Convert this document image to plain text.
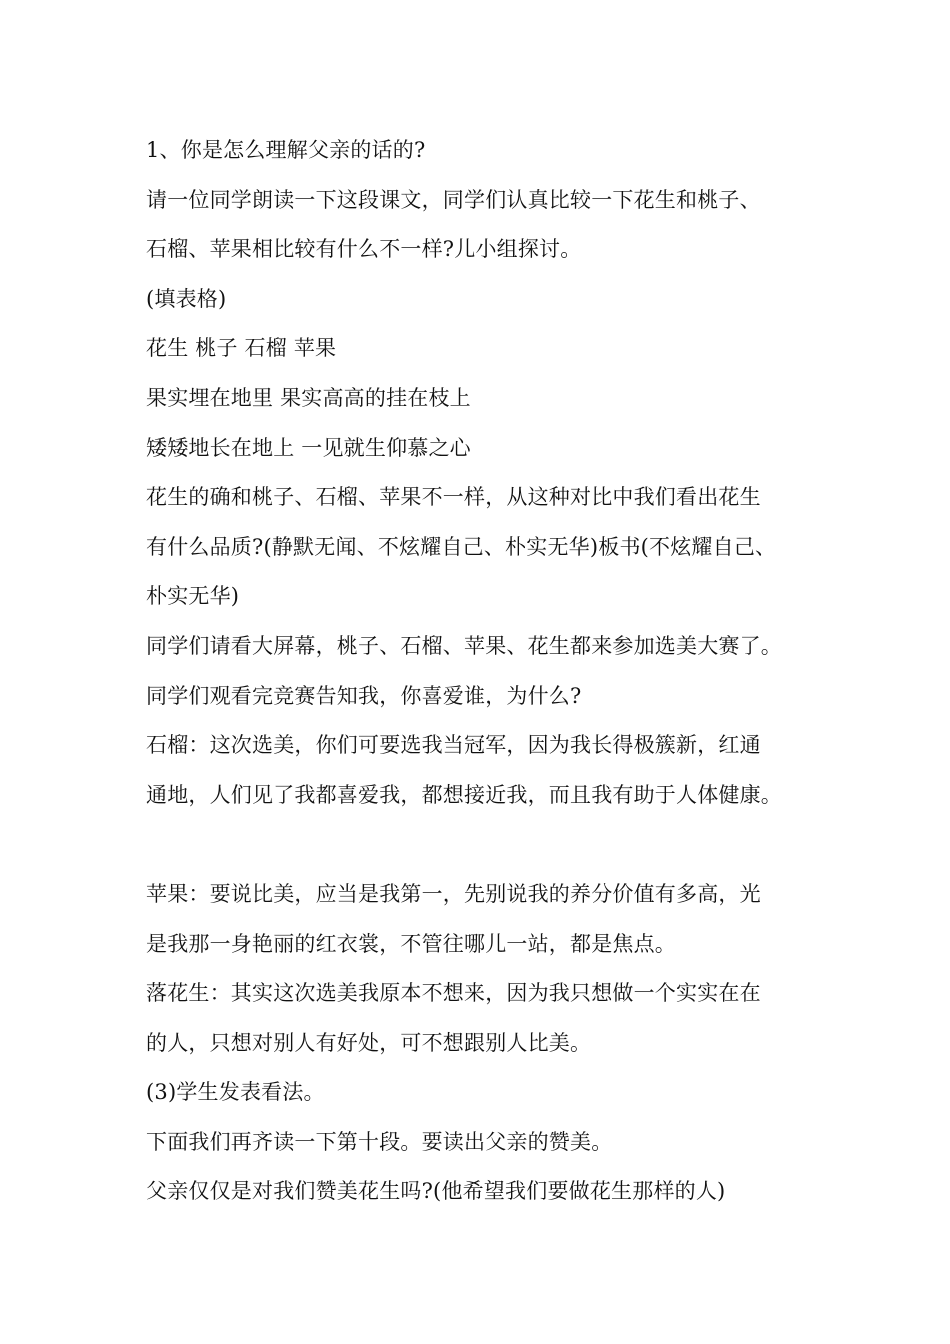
1、你是怎么理解父亲的话的?
请一位同学朗读一下这段课文，同学们认真比较一下花生和桃子、
石榴、苹果相比较有什么不一样?儿小组探讨。
(填表格)
花生 桃子 石榴 苹果
果实埋在地里 果实高高的挂在枝上
矮矮地长在地上 一见就生仰慕之心
花生的确和桃子、石榴、苹果不一样，从这种对比中我们看出花生
有什么品质?(静默无闻、不炫耀自己、朴实无华)板书(不炫耀自己、
朴实无华)
同学们请看大屏幕，桃子、石榴、苹果、花生都来参加选美大赛了。
同学们观看完竞赛告知我，你喜爱谁，为什么?
石榴：这次选美，你们可要选我当冠军，因为我长得极簇新，红通
通地，人们见了我都喜爱我，都想接近我，而且我有助于人体健康。
苹果：要说比美，应当是我第一，先别说我的养分价值有多高，光
是我那一身艳丽的红衣裳，不管往哪儿一站，都是焦点。
落花生：其实这次选美我原本不想来，因为我只想做一个实实在在
的人，只想对别人有好处，可不想跟别人比美。
(3)学生发表看法。
下面我们再齐读一下第十段。要读出父亲的赞美。
父亲仅仅是对我们赞美花生吗?(他希望我们要做花生那样的人)
